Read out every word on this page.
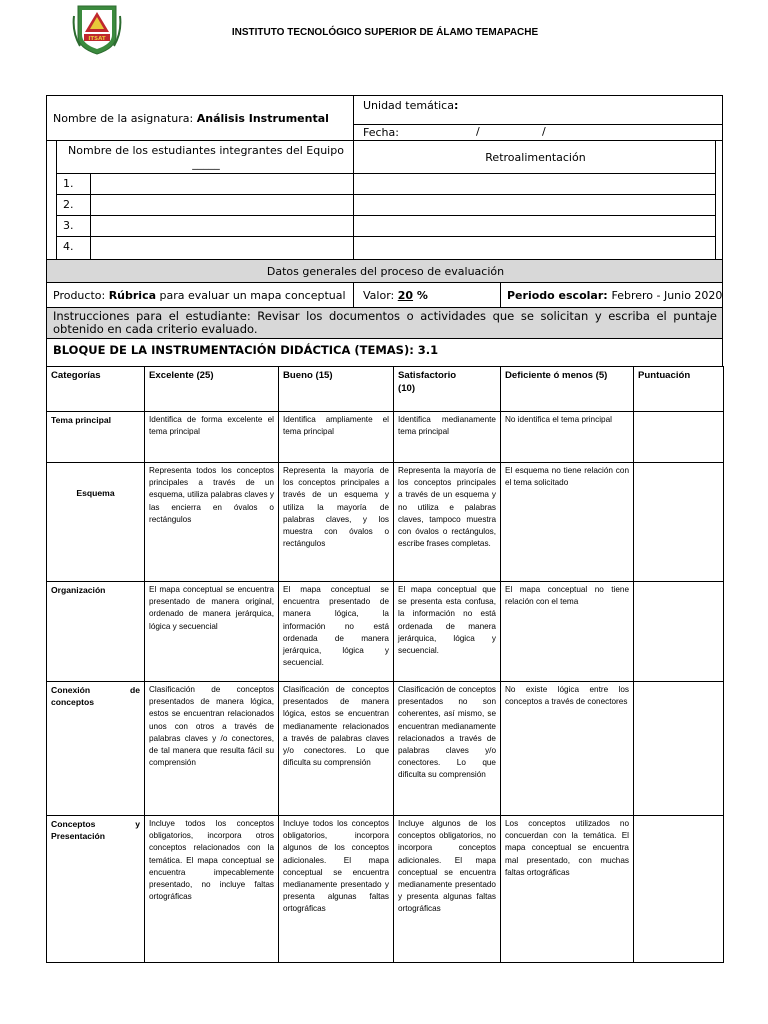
ITSAT
INSTITUTO TECNOLÓGICO SUPERIOR DE ÁLAMO TEMAPACHE
Nombre de la asignatura: Análisis Instrumental
Unidad temática:
Fecha:	/	/
Nombre de los estudiantes integrantes del Equipo
_____	Retroalimentación
1.
2.
3.
4.
Datos generales del proceso de evaluación
Producto: Rúbrica para evaluar un mapa conceptual Valor: 20 %	Periodo escolar: Febrero - Junio 2020
Instrucciones para el estudiante: Revisar los documentos o actividades que se solicitan y escriba el puntaje obtenido en cada criterio evaluado.
BLOQUE DE LA INSTRUMENTACIÓN DIDÁCTICA (TEMAS): 3.1
Categorías	Excelente (25)	Bueno (15)	Satisfactorio (10)	Deficiente ó menos (5)	Puntuación
Tema principal	Identifica de forma excelente el tema principal	Identifica ampliamente el tema principal	Identifica medianamente tema principal	No identifica el tema principal	

Esquema	Representa todos los conceptos principales a través de un esquema, utiliza palabras claves y las encierra en óvalos o rectángulos	Representa la mayoría de los conceptos principales a través de un esquema y utiliza la mayoría de palabras claves, y los muestra con óvalos o rectángulos	Representa la mayoría de los conceptos principales a través de un esquema y no utiliza e palabras claves, tampoco muestra con óvalos o rectángulos, escribe frases completas.	El esquema no tiene relación con el tema solicitado	
Organización	El mapa conceptual se encuentra presentado de manera original, ordenado de manera jerárquica, lógica y secuencial	El mapa conceptual se encuentra presentado de manera lógica, la información no está ordenada de manera jerárquica, lógica y secuencial.	El mapa conceptual que se presenta esta confusa, la información no está ordenada de manera jerárquica, lógica y secuencial.	El mapa conceptual no tiene relación con el tema	
Conexión de conceptos	Clasificación de conceptos presentados de manera lógica, estos se encuentran relacionados unos con otros a través de palabras claves y /o conectores, de tal manera que resulta fácil su comprensión	Clasificación de conceptos presentados de manera lógica, estos se encuentran medianamente relacionados a través de palabras claves y/o conectores. Lo que dificulta su comprensión	Clasificación de conceptos presentados no son coherentes, así mismo, se encuentran medianamente relacionados a través de palabras claves y/o conectores. Lo que dificulta su comprensión	No existe lógica entre los conceptos a través de conectores	
Conceptos y Presentación	Incluye todos los conceptos obligatorios, incorpora otros conceptos relacionados con la temática. El mapa conceptual se encuentra impecablemente presentado, no incluye faltas ortográficas	Incluye todos los conceptos obligatorios, incorpora algunos de los conceptos adicionales. El mapa conceptual se encuentra medianamente presentado y presenta algunas faltas ortográficas	Incluye algunos de los conceptos obligatorios, no incorpora conceptos adicionales. El mapa conceptual se encuentra medianamente presentado y presenta algunas faltas ortográficas	Los conceptos utilizados no concuerdan con la temática. El mapa conceptual se encuentra mal presentado, con muchas faltas ortográficas	
